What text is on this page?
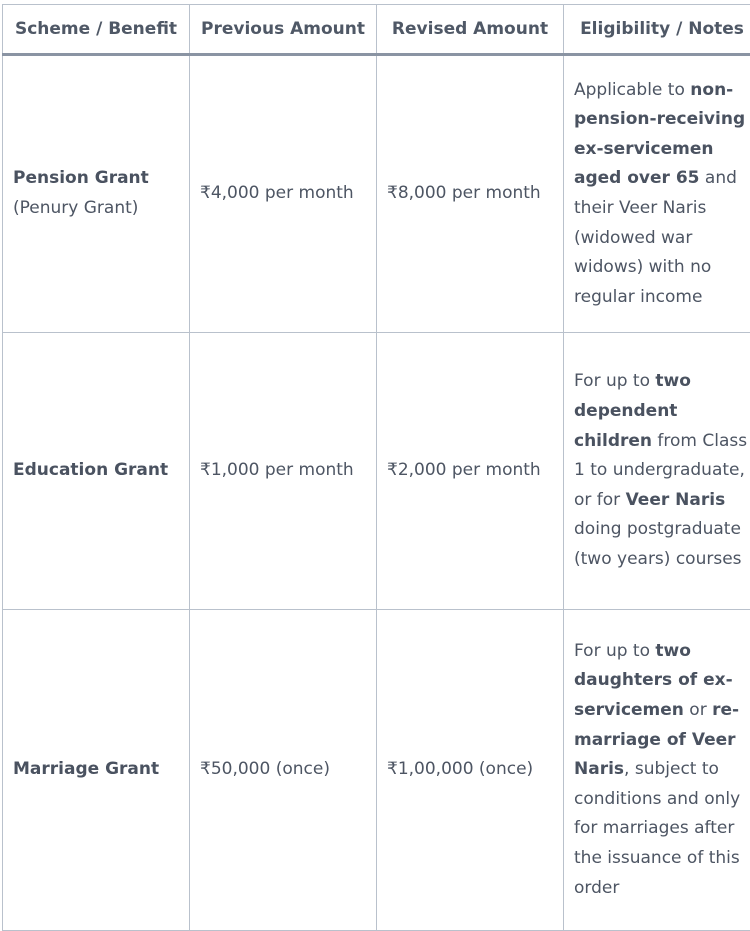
Scheme / Benefit	Previous Amount	Revised Amount	Eligibility / Notes
Pension Grant
(Penury Grant)	₹4,000 per month	₹8,000 per month	Applicable to non-pension-receiving ex-servicemen aged over 65 and their Veer Naris (widowed war widows) with no regular income
Education Grant	₹1,000 per month	₹2,000 per month	For up to two dependent children from Class 1 to undergraduate, or for Veer Naris doing postgraduate (two years) courses
Marriage Grant	₹50,000 (once)	₹1,00,000 (once)	For up to two daughters of ex-servicemen or re-marriage of Veer Naris, subject to conditions and only for marriages after the issuance of this order
